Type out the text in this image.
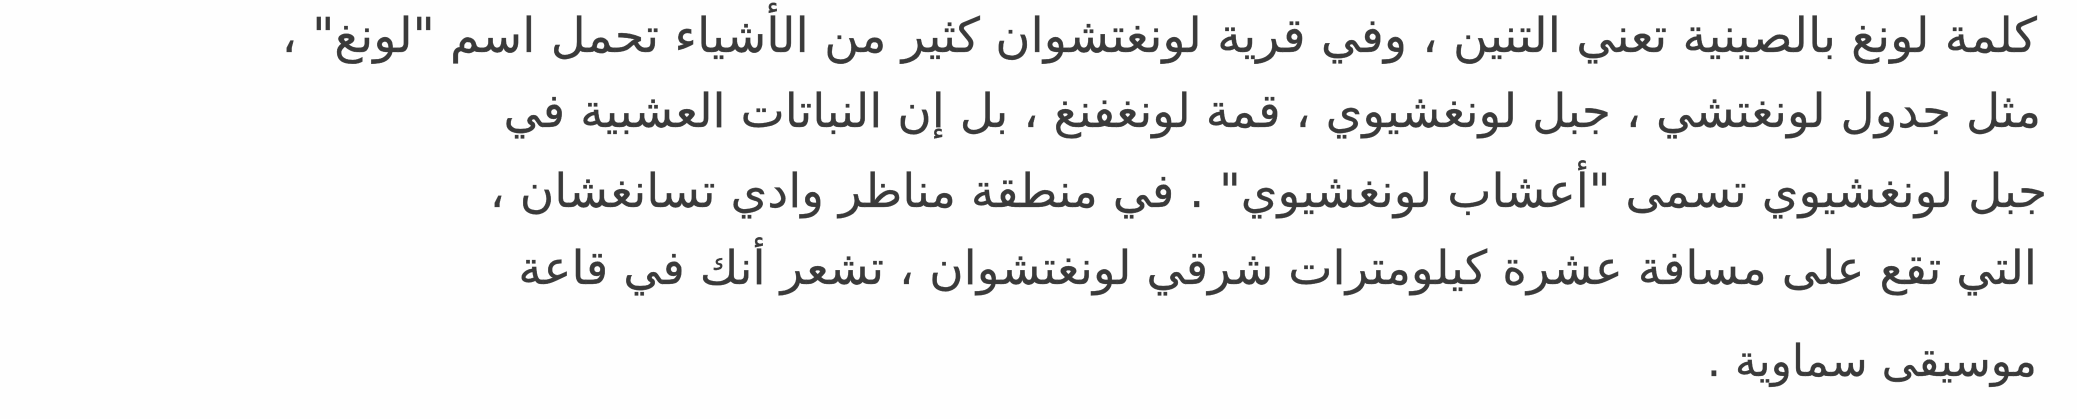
كلمة لونغ بالصينية تعني التنين ، وفي قرية لونغتشوان كثير من الأشياء تحمل اسم "لونغ" ،
مثل جدول لونغتشي ، جبل لونغشيوي ، قمة لونغفنغ ، بل إن النباتات العشبية في
جبل لونغشيوي تسمى "أعشاب لونغشيوي" . في منطقة مناظر وادي تسانغشان ،
التي تقع على مسافة عشرة كيلومترات شرقي لونغتشوان ، تشعر أنك في قاعة
موسيقى سماوية .
